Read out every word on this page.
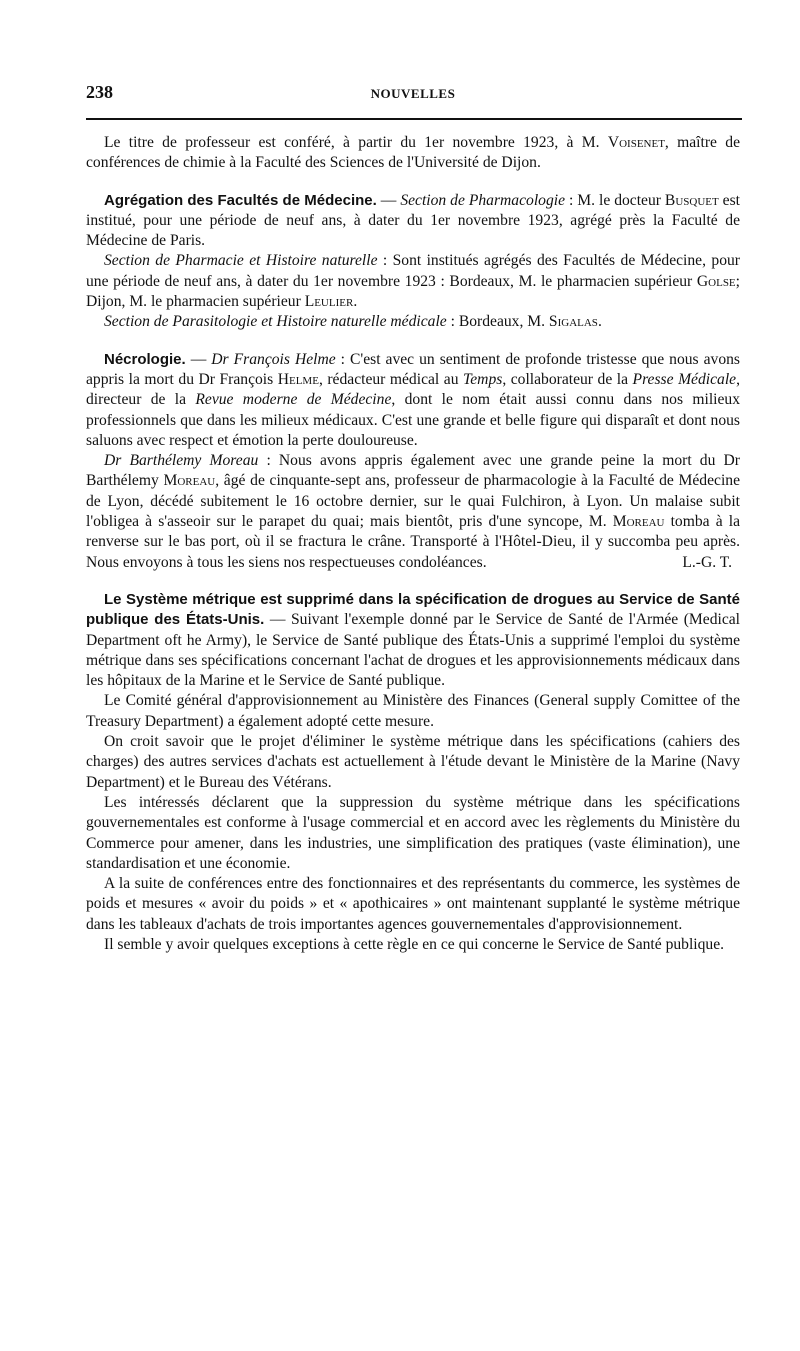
238	NOUVELLES

Le titre de professeur est conféré, à partir du 1er novembre 1923, à M. Voisenet, maître de conférences de chimie à la Faculté des Sciences de l'Université de Dijon.

Agrégation des Facultés de Médecine. — Section de Pharmacologie : M. le docteur Busquet est institué, pour une période de neuf ans, à dater du 1er novembre 1923, agrégé près la Faculté de Médecine de Paris.

Section de Pharmacie et Histoire naturelle : Sont institués agrégés des Facultés de Médecine, pour une période de neuf ans, à dater du 1er novembre 1923 : Bordeaux, M. le pharmacien supérieur Golse; Dijon, M. le pharmacien supérieur Leulier.

Section de Parasitologie et Histoire naturelle médicale : Bordeaux, M. Sigalas.

Nécrologie. — Dr François Helme : C'est avec un sentiment de profonde tristesse que nous avons appris la mort du Dr François Helme, rédacteur médical au Temps, collaborateur de la Presse Médicale, directeur de la Revue moderne de Médecine, dont le nom était aussi connu dans nos milieux professionnels que dans les milieux médicaux. C'est une grande et belle figure qui disparaît et dont nous saluons avec respect et émotion la perte douloureuse.

Dr Barthélemy Moreau : Nous avons appris également avec une grande peine la mort du Dr Barthélemy Moreau, âgé de cinquante-sept ans, professeur de pharmacologie à la Faculté de Médecine de Lyon, décédé subitement le 16 octobre dernier, sur le quai Fulchiron, à Lyon. Un malaise subit l'obligea à s'asseoir sur le parapet du quai; mais bientôt, pris d'une syncope, M. Moreau tomba à la renverse sur le bas port, où il se fractura le crâne. Transporté à l'Hôtel-Dieu, il y succomba peu après. Nous envoyons à tous les siens nos respectueuses condoléances.	L.-G. T.

Le Système métrique est supprimé dans la spécification de drogues au Service de Santé publique des États-Unis. — Suivant l'exemple donné par le Service de Santé de l'Armée (Medical Department oft he Army), le Service de Santé publique des États-Unis a supprimé l'emploi du système métrique dans ses spécifications concernant l'achat de drogues et les approvisionnements médicaux dans les hôpitaux de la Marine et le Service de Santé publique.

Le Comité général d'approvisionnement au Ministère des Finances (General supply Comittee of the Treasury Department) a également adopté cette mesure.

On croit savoir que le projet d'éliminer le système métrique dans les spécifications (cahiers des charges) des autres services d'achats est actuellement à l'étude devant le Ministère de la Marine (Navy Department) et le Bureau des Vétérans.

Les intéressés déclarent que la suppression du système métrique dans les spécifications gouvernementales est conforme à l'usage commercial et en accord avec les règlements du Ministère du Commerce pour amener, dans les industries, une simplification des pratiques (vaste élimination), une standardisation et une économie.

A la suite de conférences entre des fonctionnaires et des représentants du commerce, les systèmes de poids et mesures « avoir du poids » et « apothicaires » ont maintenant supplanté le système métrique dans les tableaux d'achats de trois importantes agences gouvernementales d'approvisionnement.

Il semble y avoir quelques exceptions à cette règle en ce qui concerne le Service de Santé publique.
